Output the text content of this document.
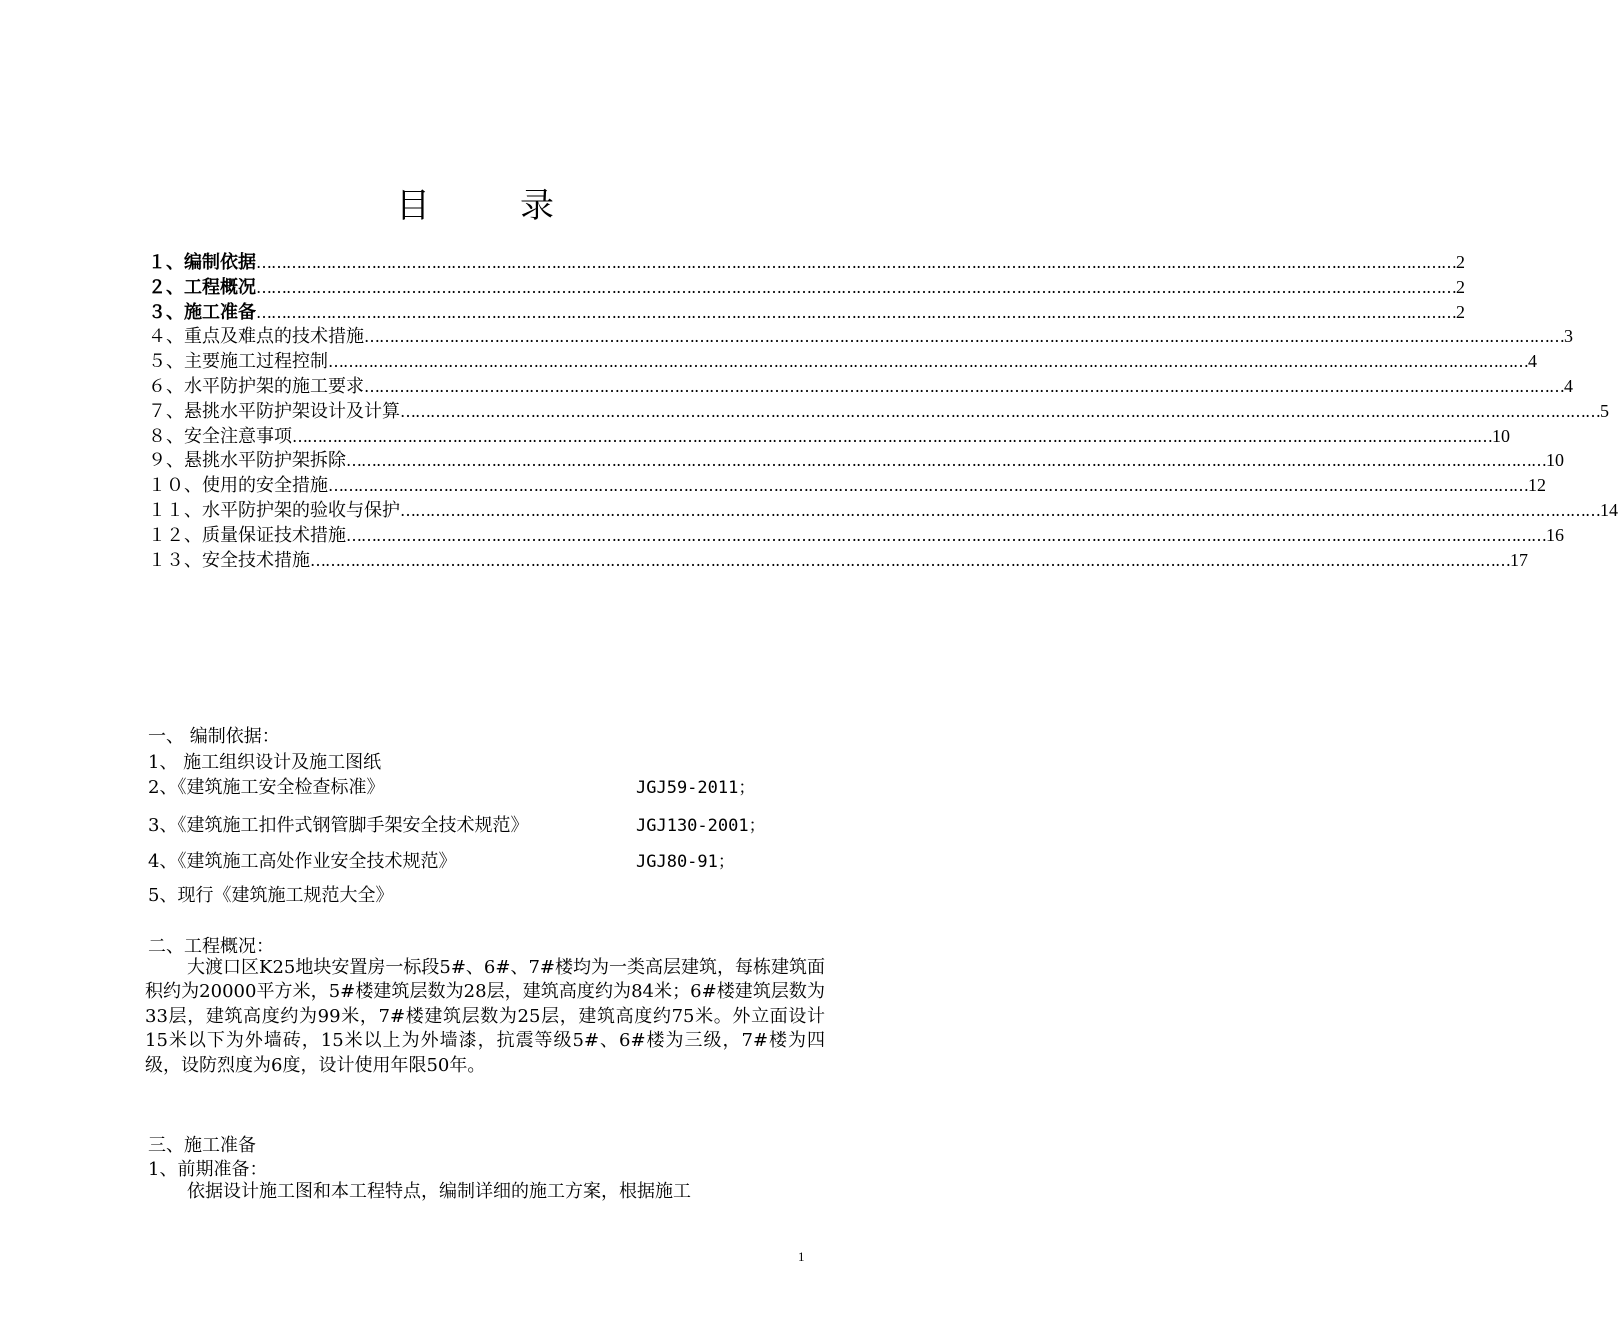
目录
１、编制依据 …………………………………………………………………………………………………………………………………………………………………………………………………………………… 2
２、工程概况 …………………………………………………………………………………………………………………………………………………………………………………………………………………… 2
３、施工准备 …………………………………………………………………………………………………………………………………………………………………………………………………………………… 2
４、重点及难点的技术措施 …………………………………………………………………………………………………………………………………………………………………………………………………………………… 3
５、主要施工过程控制 …………………………………………………………………………………………………………………………………………………………………………………………………………………… 4
６、水平防护架的施工要求 …………………………………………………………………………………………………………………………………………………………………………………………………………………… 4
７、悬挑水平防护架设计及计算 …………………………………………………………………………………………………………………………………………………………………………………………………………………… 5
８、安全注意事项 …………………………………………………………………………………………………………………………………………………………………………………………………………………… 10
９、悬挑水平防护架拆除 …………………………………………………………………………………………………………………………………………………………………………………………………………………… 10
１０、使用的安全措施 …………………………………………………………………………………………………………………………………………………………………………………………………………………… 12
１１、水平防护架的验收与保护 …………………………………………………………………………………………………………………………………………………………………………………………………………………… 14
１２、质量保证技术措施 …………………………………………………………………………………………………………………………………………………………………………………………………………………… 16
１３、安全技术措施 …………………………………………………………………………………………………………………………………………………………………………………………………………………… 17
一、 编制依据：
1、 施工组织设计及施工图纸
2、《建筑施工安全检查标准》	JGJ59-2011；
3、《建筑施工扣件式钢管脚手架安全技术规范》	JGJ130-2001；
4、《建筑施工高处作业安全技术规范》	JGJ80-91；
5、现行《建筑施工规范大全》
二、工程概况：
大渡口区K25地块安置房一标段5#、6#、7#楼均为一类高层建筑，每栋建筑面积约为20000平方米，5#楼建筑层数为28层，建筑高度约为84米；6#楼建筑层数为33层，建筑高度约为99米，7#楼建筑层数为25层，建筑高度约75米。外立面设计15米以下为外墙砖，15米以上为外墙漆，抗震等级5#、6#楼为三级，7#楼为四级，设防烈度为6度，设计使用年限50年。
三、施工准备
1、前期准备：
依据设计施工图和本工程特点，编制详细的施工方案，根据施工
1
